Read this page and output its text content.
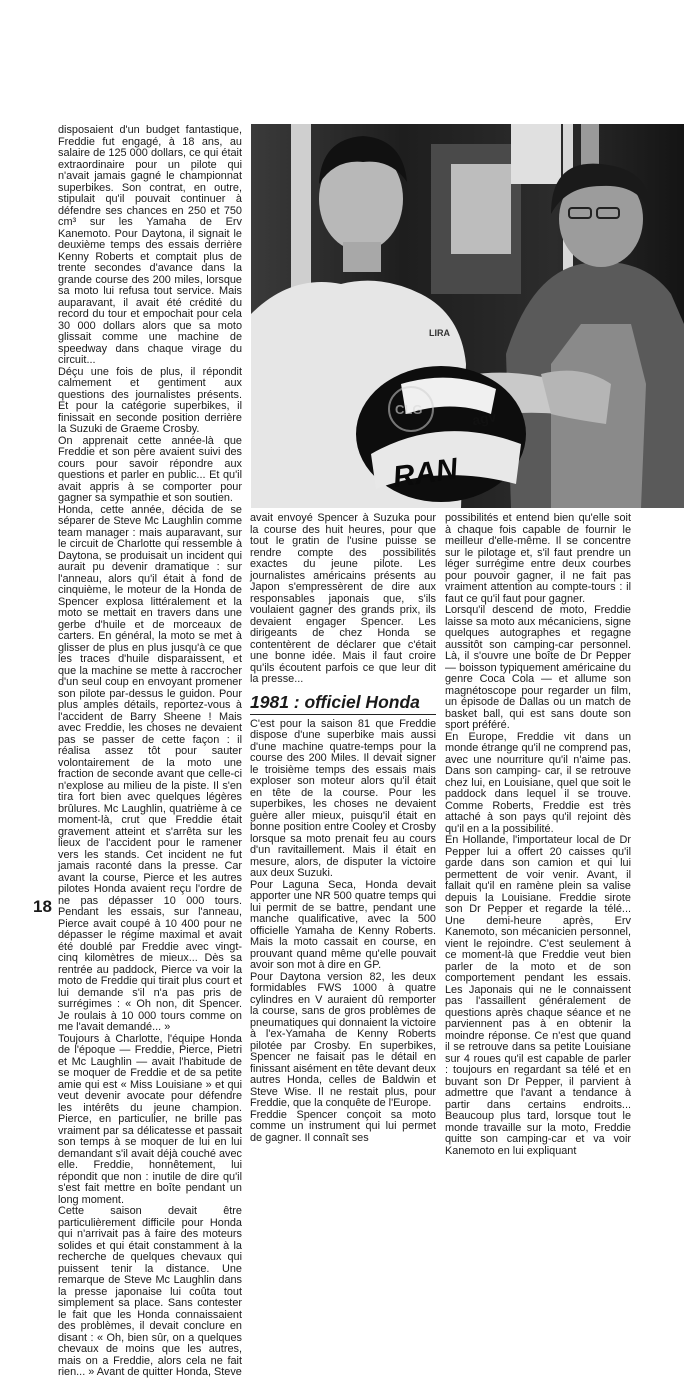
disposaient d'un budget fantastique, Freddie fut engagé, à 18 ans, au salaire de 125 000 dollars, ce qui était extraordinaire pour un pilote qui n'avait jamais gagné le championnat superbikes. Son contrat, en outre, stipulait qu'il pouvait continuer à défendre ses chances en 250 et 750 cm³ sur les Yamaha de Erv Kanemoto. Pour Daytona, il signait le deuxième temps des essais derrière Kenny Roberts et comptait plus de trente secondes d'avance dans la grande course des 200 miles, lorsque sa moto lui refusa tout service. Mais auparavant, il avait été crédité du record du tour et empochait pour cela 30 000 dollars alors que sa moto glissait comme une machine de speedway dans chaque virage du circuit...

Déçu une fois de plus, il répondit calmement et gentiment aux questions des journalistes présents. Et pour la catégorie superbikes, il finissait en seconde position derrière la Suzuki de Graeme Crosby.

On apprenait cette année-là que Freddie et son père avaient suivi des cours pour savoir répondre aux questions et parler en public... Et qu'il avait appris à se comporter pour gagner sa sympathie et son soutien.

Honda, cette année, décida de se séparer de Steve Mc Laughlin comme team manager : mais auparavant, sur le circuit de Charlotte qui ressemble à Daytona, se produisait un incident qui aurait pu devenir dramatique : sur l'anneau, alors qu'il était à fond de cinquième, le moteur de la Honda de Spencer explosa littéralement et la moto se mettait en travers dans une gerbe d'huile et de morceaux de carters. En général, la moto se met à glisser de plus en plus jusqu'à ce que les traces d'huile disparaissent, et que la machine se mette à raccrocher d'un seul coup en envoyant promener son pilote par-dessus le guidon. Pour plus amples détails, reportez-vous à l'accident de Barry Sheene ! Mais avec Freddie, les choses ne devaient pas se passer de cette façon : il réalisa assez tôt pour sauter volontairement de la moto une fraction de seconde avant que celle-ci n'explose au milieu de la piste. Il s'en tira fort bien avec quelques légères brûlures. Mc Laughlin, quatrième à ce moment-là, crut que Freddie était gravement atteint et s'arrêta sur les lieux de l'accident pour le ramener vers les stands. Cet incident ne fut jamais raconté dans la presse. Car avant la course, Pierce et les autres pilotes Honda avaient reçu l'ordre de ne pas dépasser 10 000 tours. Pendant les essais, sur l'anneau, Pierce avait coupé à 10 400 pour ne dépasser le régime maximal et avait été doublé par Freddie avec vingt-cinq kilomètres de mieux... Dès sa rentrée au paddock, Pierce va voir la moto de Freddie qui tirait plus court et lui demande s'il n'a pas pris de surrégimes : « Oh non, dit Spencer. Je roulais à 10 000 tours comme on me l'avait demandé... »

Toujours à Charlotte, l'équipe Honda de l'époque — Freddie, Pierce, Pietri et Mc Laughlin — avait l'habitude de se moquer de Freddie et de sa petite amie qui est « Miss Louisiane » et qui veut devenir avocate pour défendre les intérêts du jeune champion. Pierce, en particulier, ne brille pas vraiment par sa délicatesse et passait son temps à se moquer de lui en lui demandant s'il avait déjà couché avec elle. Freddie, honnêtement, lui répondit que non : inutile de dire qu'il s'est fait mettre en boîte pendant un long moment.

Cette saison devait être particulièrement difficile pour Honda qui n'arrivait pas à faire des moteurs solides et qui était constamment à la recherche de quelques chevaux qui puissent tenir la distance. Une remarque de Steve Mc Laughlin dans la presse japonaise lui coûta tout simplement sa place. Sans contester le fait que les Honda connaissaient des problèmes, il devait conclure en disant : « Oh, bien sûr, on a quelques chevaux de moins que les autres, mais on a Freddie, alors cela ne fait rien... » Avant de quitter Honda, Steve

LIRA
RAN
agv
CLG

avait envoyé Spencer à Suzuka pour la course des huit heures, pour que tout le gratin de l'usine puisse se rendre compte des possibilités exactes du jeune pilote. Les journalistes américains présents au Japon s'empressèrent de dire aux responsables japonais que, s'ils voulaient gagner des grands prix, ils devaient engager Spencer. Les dirigeants de chez Honda se contentèrent de déclarer que c'était une bonne idée. Mais il faut croire qu'ils écoutent parfois ce que leur dit la presse...

1981 : officiel Honda

C'est pour la saison 81 que Freddie dispose d'une superbike mais aussi d'une machine quatre-temps pour la course des 200 Miles. Il devait signer le troisième temps des essais mais exploser son moteur alors qu'il était en tête de la course. Pour les superbikes, les choses ne devaient guère aller mieux, puisqu'il était en bonne position entre Cooley et Crosby lorsque sa moto prenait feu au cours d'un ravitaillement. Mais il était en mesure, alors, de disputer la victoire aux deux Suzuki.

Pour Laguna Seca, Honda devait apporter une NR 500 quatre temps qui lui permit de se battre, pendant une manche qualificative, avec la 500 officielle Yamaha de Kenny Roberts. Mais la moto cassait en course, en prouvant quand même qu'elle pouvait avoir son mot à dire en GP.

Pour Daytona version 82, les deux formidables FWS 1000 à quatre cylindres en V auraient dû remporter la course, sans de gros problèmes de pneumatiques qui donnaient la victoire à l'ex-Yamaha de Kenny Roberts pilotée par Crosby. En superbikes, Spencer ne faisait pas le détail en finissant aisément en tête devant deux autres Honda, celles de Baldwin et Steve Wise. Il ne restait plus, pour Freddie, que la conquête de l'Europe.

Freddie Spencer conçoit sa moto comme un instrument qui lui permet de gagner. Il connaît ses

possibilités et entend bien qu'elle soit à chaque fois capable de fournir le meilleur d'elle-même. Il se concentre sur le pilotage et, s'il faut prendre un léger surrégime entre deux courbes pour pouvoir gagner, il ne fait pas vraiment attention au compte-tours : il faut ce qu'il faut pour gagner.

Lorsqu'il descend de moto, Freddie laisse sa moto aux mécaniciens, signe quelques autographes et regagne aussitôt son camping-car personnel. Là, il s'ouvre une boîte de Dr Pepper — boisson typiquement américaine du genre Coca Cola — et allume son magnétoscope pour regarder un film, un épisode de Dallas ou un match de basket ball, qui est sans doute son sport préféré.

En Europe, Freddie vit dans un monde étrange qu'il ne comprend pas, avec une nourriture qu'il n'aime pas. Dans son camping- car, il se retrouve chez lui, en Louisiane, quel que soit le paddock dans lequel il se trouve. Comme Roberts, Freddie est très attaché à son pays qu'il rejoint dès qu'il en a la possibilité.

En Hollande, l'importateur local de Dr Pepper lui a offert 20 caisses qu'il garde dans son camion et qui lui permettent de voir venir. Avant, il fallait qu'il en ramène plein sa valise depuis la Louisiane. Freddie sirote son Dr Pepper et regarde la télé... Une demi-heure après, Erv Kanemoto, son mécanicien personnel, vient le rejoindre. C'est seulement à ce moment-là que Freddie veut bien parler de la moto et de son comportement pendant les essais. Les Japonais qui ne le connaissent pas l'assaillent généralement de questions après chaque séance et ne parviennent pas à en obtenir la moindre réponse. Ce n'est que quand il se retrouve dans sa petite Louisiane sur 4 roues qu'il est capable de parler : toujours en regardant sa télé et en buvant son Dr Pepper, il parvient à admettre que l'avant a tendance à partir dans certains endroits... Beaucoup plus tard, lorsque tout le monde travaille sur la moto, Freddie quitte son camping-car et va voir Kanemoto en lui expliquant

18
